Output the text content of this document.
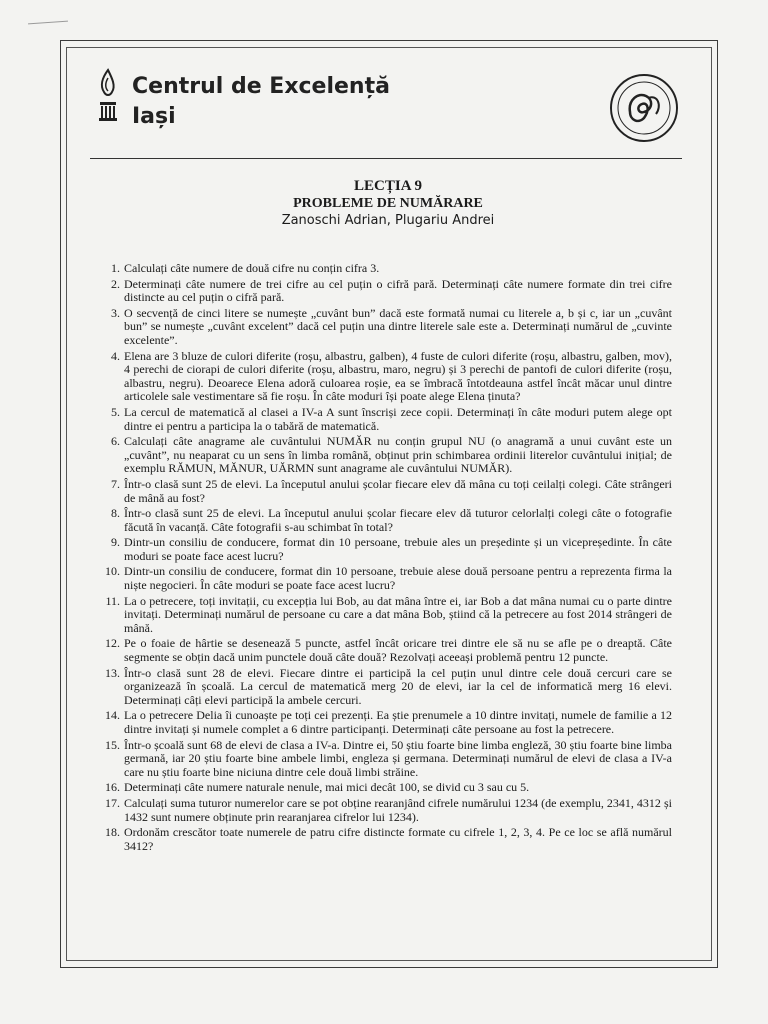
Centrul de Excelență
Iași
LECȚIA 9
PROBLEME DE NUMĂRARE
Zanoschi Adrian, Plugariu Andrei
1. Calculați câte numere de două cifre nu conțin cifra 3.
2. Determinați câte numere de trei cifre au cel puțin o cifră pară. Determinați câte numere formate din trei cifre distincte au cel puțin o cifră pară.
3. O secvență de cinci litere se numește „cuvânt bun” dacă este formată numai cu literele a, b și c, iar un „cuvânt bun” se numește „cuvânt excelent” dacă cel puțin una dintre literele sale este a. Determinați numărul de „cuvinte excelente”.
4. Elena are 3 bluze de culori diferite (roșu, albastru, galben), 4 fuste de culori diferite (roșu, albastru, galben, mov), 4 perechi de ciorapi de culori diferite (roșu, albastru, maro, negru) și 3 perechi de pantofi de culori diferite (roșu, albastru, negru). Deoarece Elena adoră culoarea roșie, ea se îmbracă întotdeauna astfel încât măcar unul dintre articolele sale vestimentare să fie roșu. În câte moduri își poate alege Elena ținuta?
5. La cercul de matematică al clasei a IV-a A sunt înscriși zece copii. Determinați în câte moduri putem alege opt dintre ei pentru a participa la o tabără de matematică.
6. Calculați câte anagrame ale cuvântului NUMĂR nu conțin grupul NU (o anagramă a unui cuvânt este un „cuvânt”, nu neaparat cu un sens în limba română, obținut prin schimbarea ordinii literelor cuvântului inițial; de exemplu RĂMUN, MĂNUR, UĂRMN sunt anagrame ale cuvântului NUMĂR).
7. Într-o clasă sunt 25 de elevi. La începutul anului școlar fiecare elev dă mâna cu toți ceilalți colegi. Câte strângeri de mână au fost?
8. Într-o clasă sunt 25 de elevi. La începutul anului școlar fiecare elev dă tuturor celorlalți colegi câte o fotografie făcută în vacanță. Câte fotografii s-au schimbat în total?
9. Dintr-un consiliu de conducere, format din 10 persoane, trebuie ales un președinte și un vicepreședinte. În câte moduri se poate face acest lucru?
10. Dintr-un consiliu de conducere, format din 10 persoane, trebuie alese două persoane pentru a reprezenta firma la niște negocieri. În câte moduri se poate face acest lucru?
11. La o petrecere, toți invitații, cu excepția lui Bob, au dat mâna între ei, iar Bob a dat mâna numai cu o parte dintre invitați. Determinați numărul de persoane cu care a dat mâna Bob, știind că la petrecere au fost 2014 strângeri de mână.
12. Pe o foaie de hârtie se desenează 5 puncte, astfel încât oricare trei dintre ele să nu se afle pe o dreaptă. Câte segmente se obțin dacă unim punctele două câte două? Rezolvați aceeași problemă pentru 12 puncte.
13. Într-o clasă sunt 28 de elevi. Fiecare dintre ei participă la cel puțin unul dintre cele două cercuri care se organizează în școală. La cercul de matematică merg 20 de elevi, iar la cel de informatică merg 16 elevi. Determinați câți elevi participă la ambele cercuri.
14. La o petrecere Delia îi cunoaște pe toți cei prezenți. Ea știe prenumele a 10 dintre invitați, numele de familie a 12 dintre invitați și numele complet a 6 dintre participanți. Determinați câte persoane au fost la petrecere.
15. Într-o școală sunt 68 de elevi de clasa a IV-a. Dintre ei, 50 știu foarte bine limba engleză, 30 știu foarte bine limba germană, iar 20 știu foarte bine ambele limbi, engleza și germana. Determinați numărul de elevi de clasa a IV-a care nu știu foarte bine niciuna dintre cele două limbi străine.
16. Determinați câte numere naturale nenule, mai mici decât 100, se divid cu 3 sau cu 5.
17. Calculați suma tuturor numerelor care se pot obține rearanjând cifrele numărului 1234 (de exemplu, 2341, 4312 și 1432 sunt numere obținute prin rearanjarea cifrelor lui 1234).
18. Ordonăm crescător toate numerele de patru cifre distincte formate cu cifrele 1, 2, 3, 4. Pe ce loc se află numărul 3412?
